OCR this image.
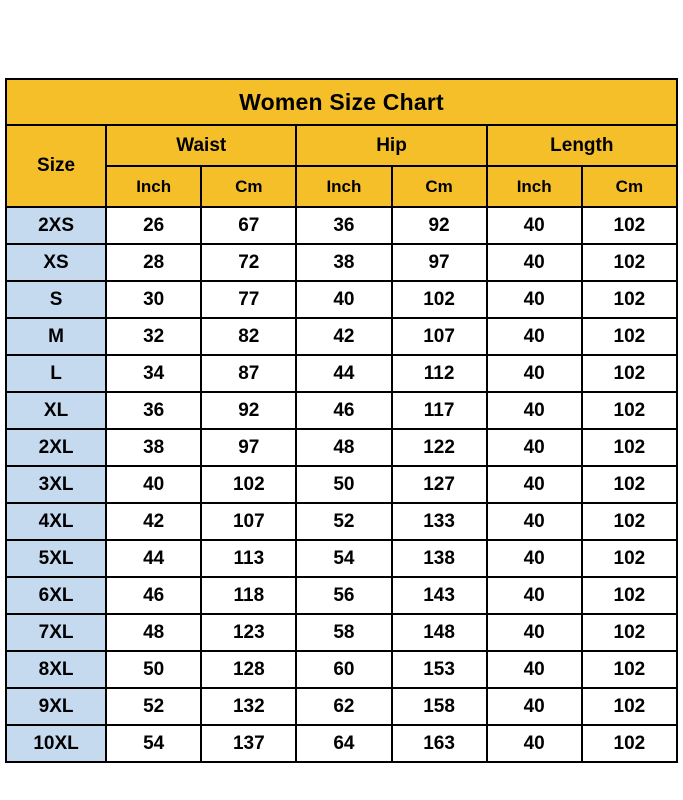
Women Size Chart						
Size	Waist		Hip		Length	
	Inch	Cm	Inch	Cm	Inch	Cm
2XS	26	67	36	92	40	102
XS	28	72	38	97	40	102
S	30	77	40	102	40	102
M	32	82	42	107	40	102
L	34	87	44	112	40	102
XL	36	92	46	117	40	102
2XL	38	97	48	122	40	102
3XL	40	102	50	127	40	102
4XL	42	107	52	133	40	102
5XL	44	113	54	138	40	102
6XL	46	118	56	143	40	102
7XL	48	123	58	148	40	102
8XL	50	128	60	153	40	102
9XL	52	132	62	158	40	102
10XL	54	137	64	163	40	102
